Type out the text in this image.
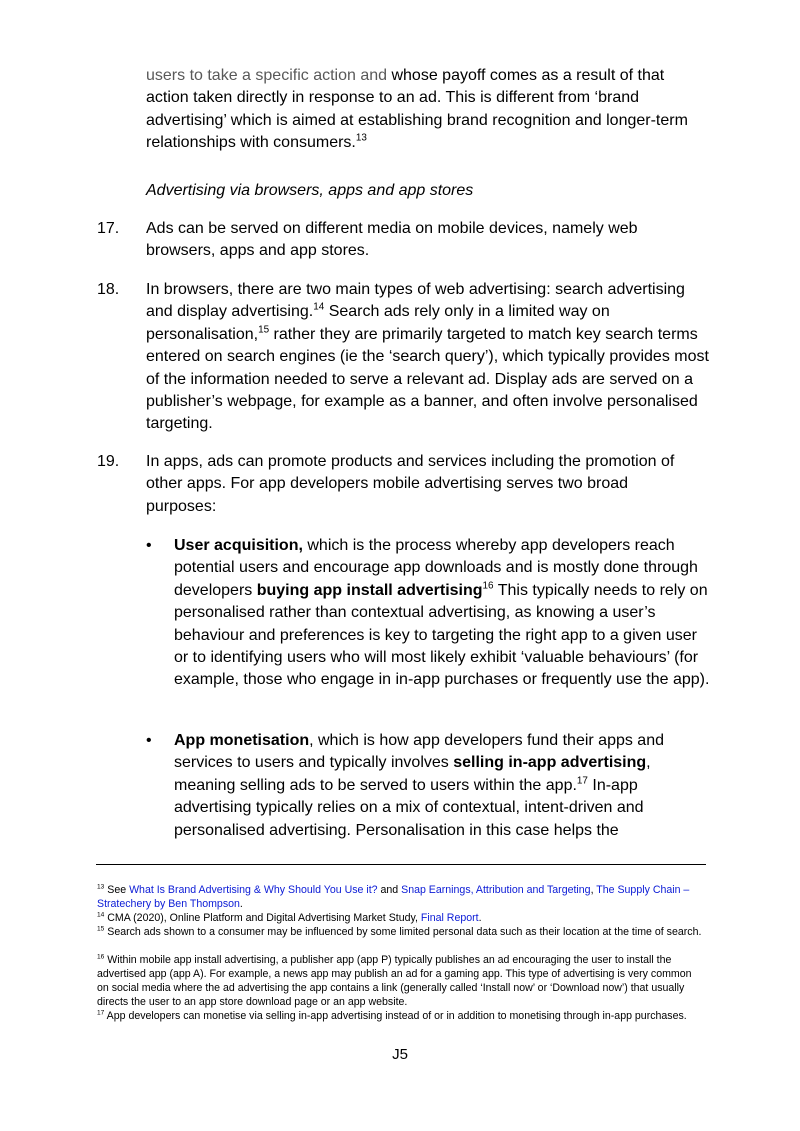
users to take a specific action and whose payoff comes as a result of that action taken directly in response to an ad. This is different from ‘brand advertising’ which is aimed at establishing brand recognition and longer-term relationships with consumers.$^{13}$
Advertising via browsers, apps and app stores
17. Ads can be served on different media on mobile devices, namely web browsers, apps and app stores.
18. In browsers, there are two main types of web advertising: search advertising and display advertising.$^{14}$ Search ads rely only in a limited way on personalisation,$^{15}$ rather they are primarily targeted to match key search terms entered on search engines (ie the ‘search query’), which typically provides most of the information needed to serve a relevant ad. Display ads are served on a publisher’s webpage, for example as a banner, and often involve personalised targeting.
19. In apps, ads can promote products and services including the promotion of other apps. For app developers mobile advertising serves two broad purposes:
• User acquisition, which is the process whereby app developers reach potential users and encourage app downloads and is mostly done through developers buying app install advertising$^{16}$ This typically needs to rely on personalised rather than contextual advertising, as knowing a user’s behaviour and preferences is key to targeting the right app to a given user or to identifying users who will most likely exhibit ‘valuable behaviours’ (for example, those who engage in in-app purchases or frequently use the app).
• App monetisation, which is how app developers fund their apps and services to users and typically involves selling in-app advertising, meaning selling ads to be served to users within the app.$^{17}$ In-app advertising typically relies on a mix of contextual, intent-driven and personalised advertising. Personalisation in this case helps the
$^{13}$ See What Is Brand Advertising & Why Should You Use it? and Snap Earnings, Attribution and Targeting, The Supply Chain – Stratechery by Ben Thompson.
$^{14}$ CMA (2020), Online Platform and Digital Advertising Market Study, Final Report.
$^{15}$ Search ads shown to a consumer may be influenced by some limited personal data such as their location at the time of search.
$^{16}$ Within mobile app install advertising, a publisher app (app P) typically publishes an ad encouraging the user to install the advertised app (app A). For example, a news app may publish an ad for a gaming app. This type of advertising is very common on social media where the ad advertising the app contains a link (generally called ‘Install now’ or ‘Download now’) that usually directs the user to an app store download page or an app website.
$^{17}$ App developers can monetise via selling in-app advertising instead of or in addition to monetising through in-app purchases.
J5
